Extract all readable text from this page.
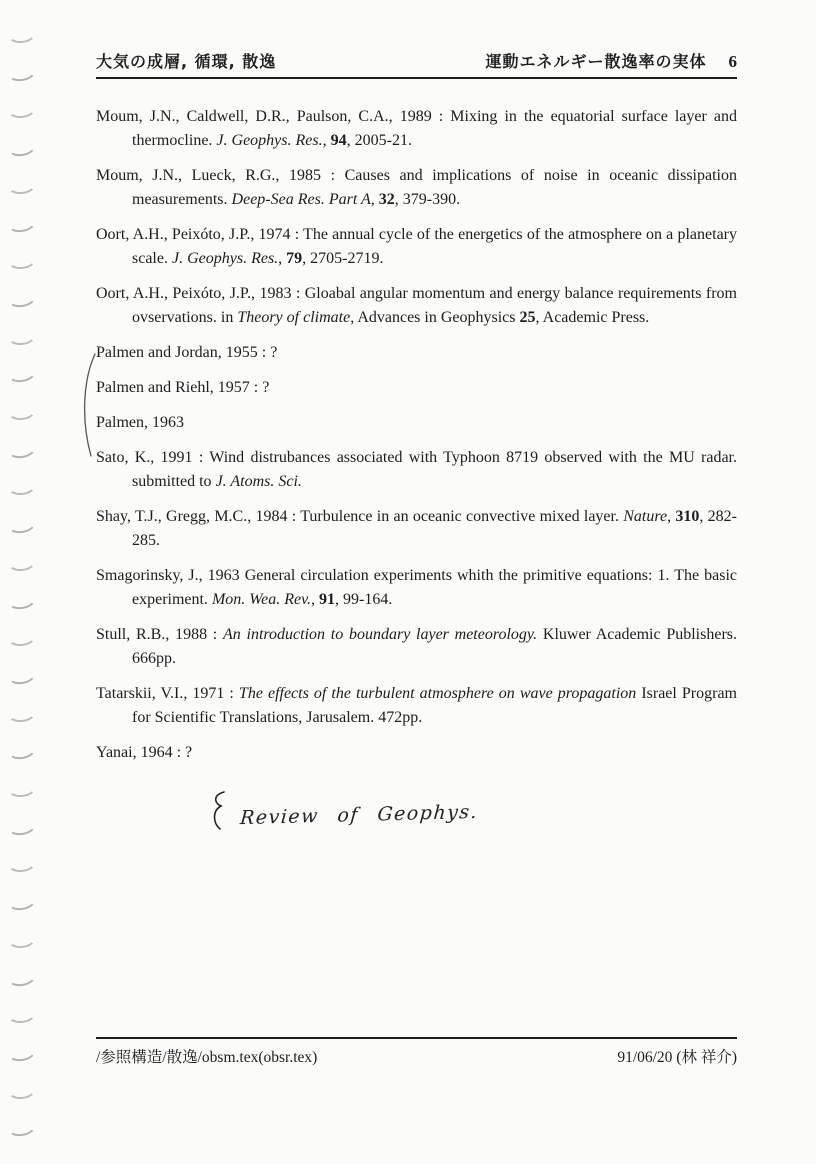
大気の成層, 循環, 散逸	運動エネルギー散逸率の実体 6

Moum, J.N., Caldwell, D.R., Paulson, C.A., 1989 : Mixing in the equatorial surface layer and thermocline. J. Geophys. Res., 94, 2005-21.

Moum, J.N., Lueck, R.G., 1985 : Causes and implications of noise in oceanic dissipation measurements. Deep-Sea Res. Part A, 32, 379-390.

Oort, A.H., Peixóto, J.P., 1974 : The annual cycle of the energetics of the atmosphere on a planetary scale. J. Geophys. Res., 79, 2705-2719.

Oort, A.H., Peixóto, J.P., 1983 : Gloabal angular momentum and energy balance requirements from ovservations. in Theory of climate, Advances in Geophysics 25, Academic Press.

Palmen and Jordan, 1955 : ?

Palmen and Riehl, 1957 : ?

Palmen, 1963

Sato, K., 1991 : Wind distrubances associated with Typhoon 8719 observed with the MU radar. submitted to J. Atoms. Sci.

Shay, T.J., Gregg, M.C., 1984 : Turbulence in an oceanic convective mixed layer. Nature, 310, 282-285.

Smagorinsky, J., 1963 General circulation experiments whith the primitive equations: 1. The basic experiment. Mon. Wea. Rev., 91, 99-164.

Stull, R.B., 1988 : An introduction to boundary layer meteorology. Kluwer Academic Publishers. 666pp.

Tatarskii, V.I., 1971 : The effects of the turbulent atmosphere on wave propagation Israel Program for Scientific Translations, Jarusalem. 472pp.

Yanai, 1964 : ?

Review of Geophys.
/参照構造/散逸/obsm.tex(obsr.tex)	91/06/20 (林 祥介)
